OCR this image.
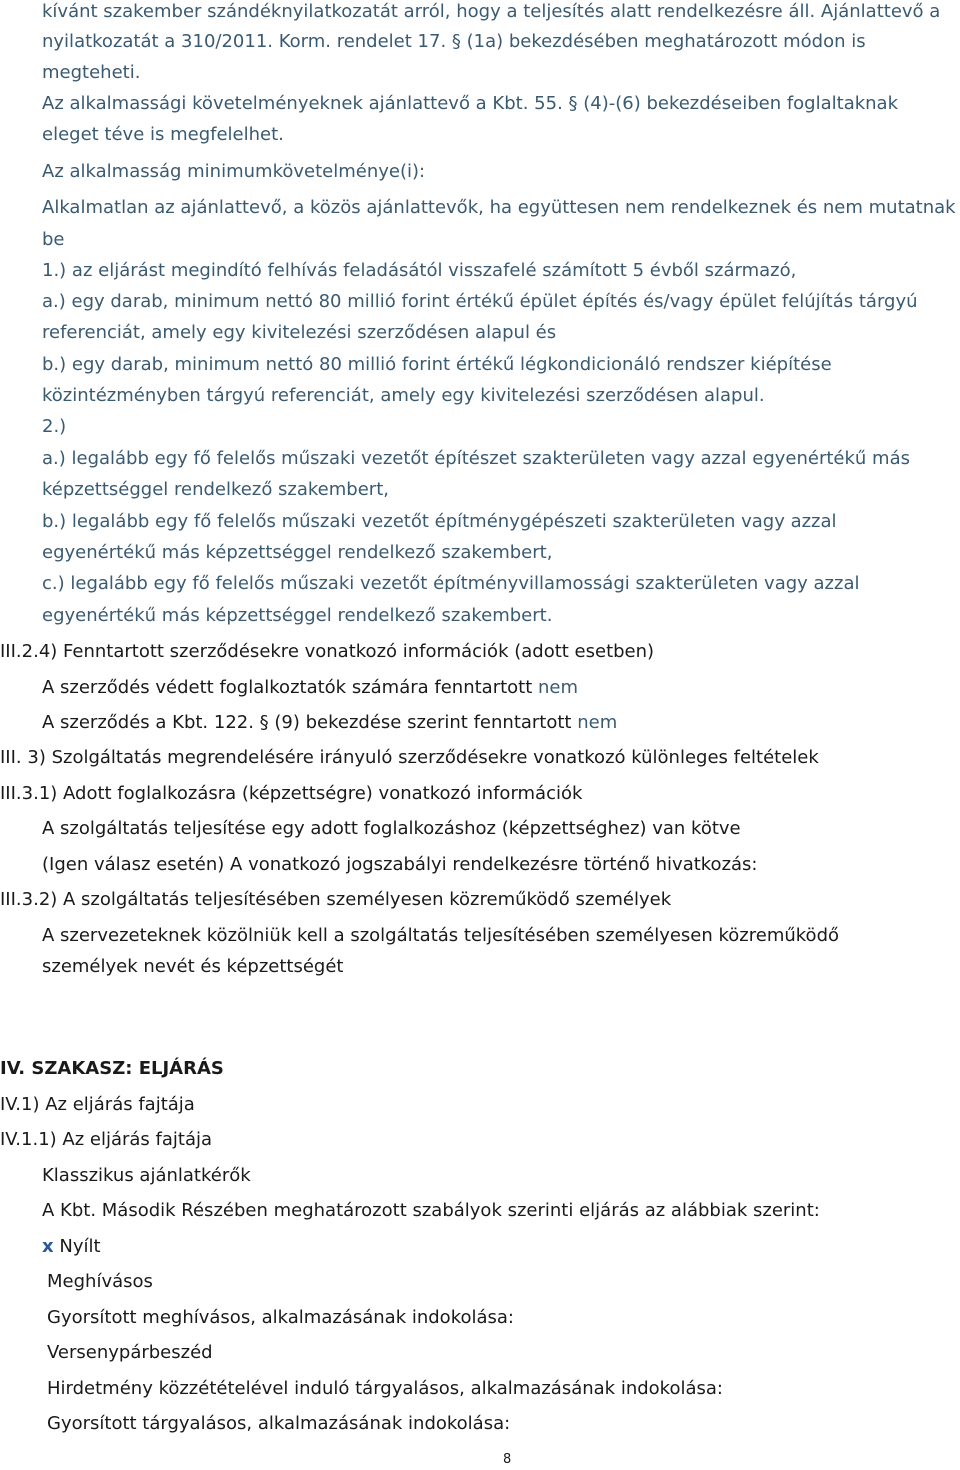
kívánt szakember szándéknyilatkozatát arról, hogy a teljesítés alatt rendelkezésre áll. Ajánlattevő a
nyilatkozatát a 310/2011. Korm. rendelet 17. § (1a) bekezdésében meghatározott módon is
megteheti.
Az alkalmassági követelményeknek ajánlattevő a Kbt. 55. § (4)-(6) bekezdéseiben foglaltaknak
eleget téve is megfelelhet.
Az alkalmasság minimumkövetelménye(i):
Alkalmatlan az ajánlattevő, a közös ajánlattevők, ha együttesen nem rendelkeznek és nem mutatnak
be
1.) az eljárást megindító felhívás feladásától visszafelé számított 5 évből származó,
a.) egy darab, minimum nettó 80 millió forint értékű épület építés és/vagy épület felújítás tárgyú
referenciát, amely egy kivitelezési szerződésen alapul és
b.) egy darab, minimum nettó 80 millió forint értékű légkondicionáló rendszer kiépítése
közintézményben tárgyú referenciát, amely egy kivitelezési szerződésen alapul.
2.)
a.) legalább egy fő felelős műszaki vezetőt építészet szakterületen vagy azzal egyenértékű más
képzettséggel rendelkező szakembert,
b.) legalább egy fő felelős műszaki vezetőt építménygépészeti szakterületen vagy azzal
egyenértékű más képzettséggel rendelkező szakembert,
c.) legalább egy fő felelős műszaki vezetőt építményvillamossági szakterületen vagy azzal
egyenértékű más képzettséggel rendelkező szakembert.
III.2.4) Fenntartott szerződésekre vonatkozó információk (adott esetben)
A szerződés védett foglalkoztatók számára fenntartott nem
A szerződés a Kbt. 122. § (9) bekezdése szerint fenntartott nem
III. 3) Szolgáltatás megrendelésére irányuló szerződésekre vonatkozó különleges feltételek
III.3.1) Adott foglalkozásra (képzettségre) vonatkozó információk
A szolgáltatás teljesítése egy adott foglalkozáshoz (képzettséghez) van kötve
(Igen válasz esetén) A vonatkozó jogszabályi rendelkezésre történő hivatkozás:
III.3.2) A szolgáltatás teljesítésében személyesen közreműködő személyek
A szervezeteknek közölniük kell a szolgáltatás teljesítésében személyesen közreműködő
személyek nevét és képzettségét
IV. SZAKASZ: ELJÁRÁS
IV.1) Az eljárás fajtája
IV.1.1) Az eljárás fajtája
Klasszikus ajánlatkérők
A Kbt. Második Részében meghatározott szabályok szerinti eljárás az alábbiak szerint:
x Nyílt
Meghívásos
Gyorsított meghívásos, alkalmazásának indokolása:
Versenypárbeszéd
Hirdetmény közzétételével induló tárgyalásos, alkalmazásának indokolása:
Gyorsított tárgyalásos, alkalmazásának indokolása:
8
